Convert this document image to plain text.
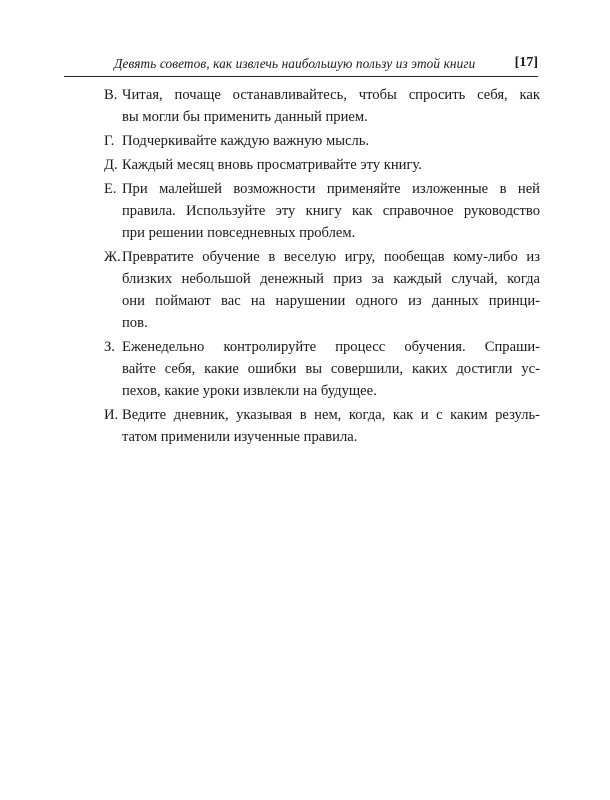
Девять советов, как извлечь наибольшую пользу из этой книги	[17]
В. Читая, почаще останавливайтесь, чтобы спросить себя, как
вы могли бы применить данный прием.
Г. Подчеркивайте каждую важную мысль.
Д. Каждый месяц вновь просматривайте эту книгу.
Е. При малейшей возможности применяйте изложенные в ней
правила. Используйте эту книгу как справочное руководство
при решении повседневных проблем.
Ж. Превратите обучение в веселую игру, пообещав кому-либо из
близких небольшой денежный приз за каждый случай, когда
они поймают вас на нарушении одного из данных принци-
пов.
З. Еженедельно контролируйте процесс обучения. Спраши-
вайте себя, какие ошибки вы совершили, каких достигли ус-
пехов, какие уроки извлекли на будущее.
И. Ведите дневник, указывая в нем, когда, как и с каким резуль-
татом применили изученные правила.
